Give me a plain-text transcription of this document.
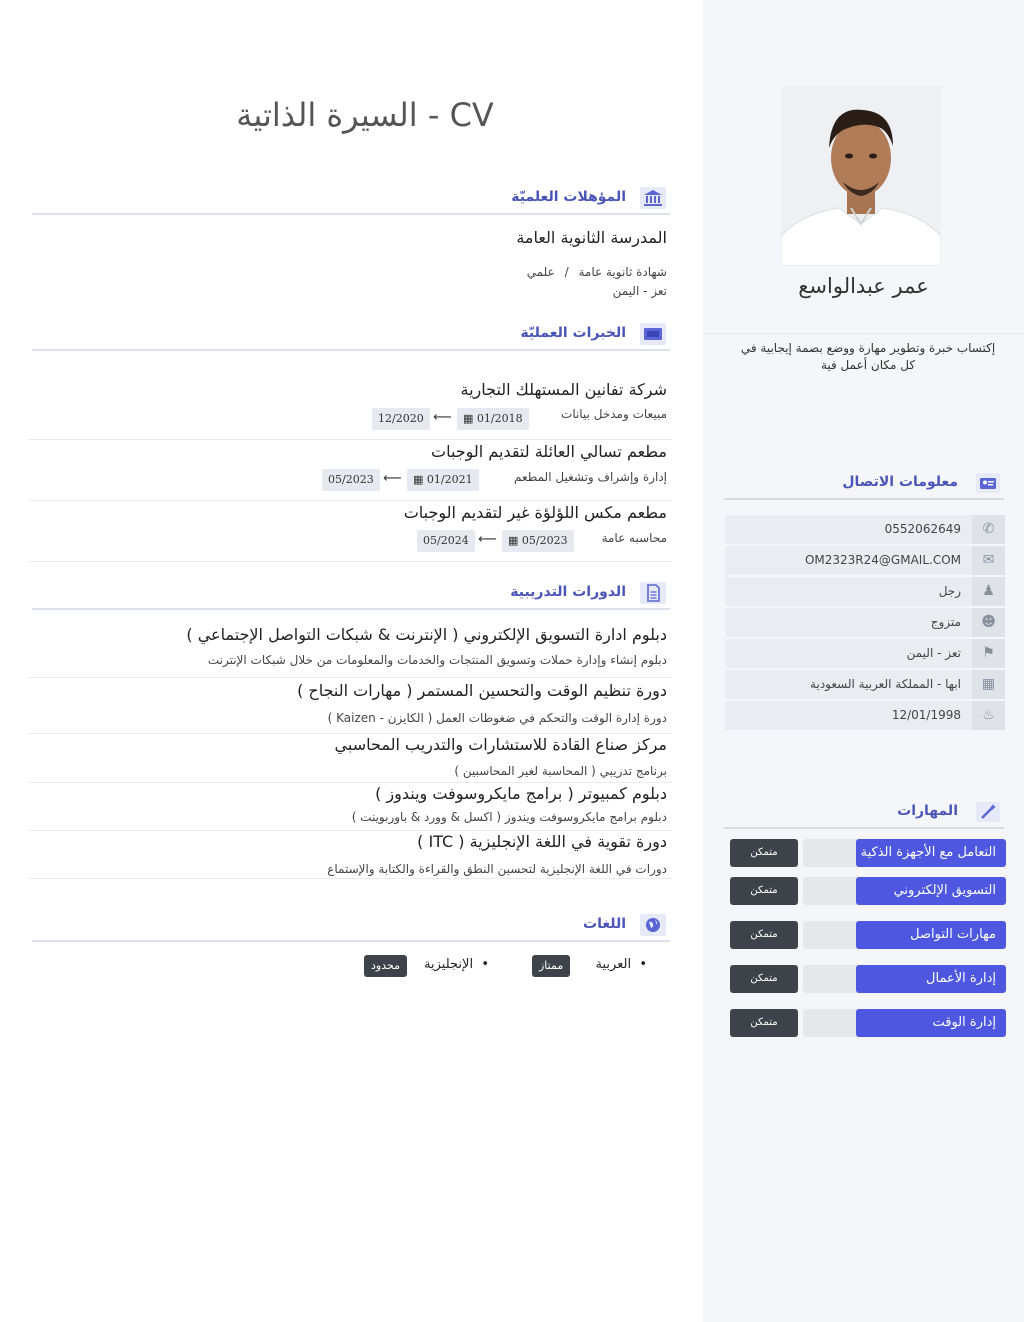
عمر عبدالواسع
إكتساب خبرة وتطوير مهارة ووضع بصمة إيجابية في كل مكان أعمل فية
معلومات الاتصال
✆
0552062649
✉
OM2323R24@GMAIL.COM
♟
رجل
☻
متزوج
⚑
تعز - اليمن
▦
ابها - المملكة العربية السعودية
♨
12/01/1998
المهارات
متمكن	التعامل مع الأجهزة الذكية
متمكن	التسويق الإلكتروني
متمكن	مهارات التواصل
متمكن	إدارة الأعمال
متمكن	إدارة الوقت
السيرة الذاتية - CV
المؤهلات العلميّة
المدرسة الثانوية العامة
شهادة ثانوية عامة / علمي
تعز - اليمن
الخبرات العمليّة
شركة تفانين المستهلك التجارية
مبيعات ومدخل بيانات
▦ 01/2018
⟵
12/2020
مطعم تسالي العائلة لتقديم الوجبات
إدارة وإشراف وتشغيل المطعم
▦ 01/2021
⟵
05/2023
مطعم مكس اللؤلؤة غير لتقديم الوجبات
محاسبه عامة
▦ 05/2023
⟵
05/2024
الدورات التدريبية
دبلوم ادارة التسويق الإلكتروني ( الإنترنت & شبكات التواصل الإجتماعي )
دبلوم إنشاء وإدارة حملات وتسويق المنتجات والخدمات والمعلومات من خلال شبكات الإنترنت
دورة تنظيم الوقت والتحسين المستمر ( مهارات النجاح )
دورة إدارة الوقت والتحكم في ضغوطات العمل ( الكايزن - Kaizen )
مركز صناع القادة للاستشارات والتدريب المحاسبي
برنامج تدريبي ( المحاسبة لغير المحاسبين )
دبلوم كمبيوتر ( برامج مايكروسوفت ويندوز )
دبلوم برامج مايكروسوفت ويندوز ( اكسل & وورد & باوربوينت )
دورة تقوية في اللغة الإنجليزية ( ITC )
دورات في اللغة الإنجليزية لتحسين النطق والقراءة والكتابة والإستماع
اللغات
•  العربية
ممتاز
•  الإنجليزية
محدود
